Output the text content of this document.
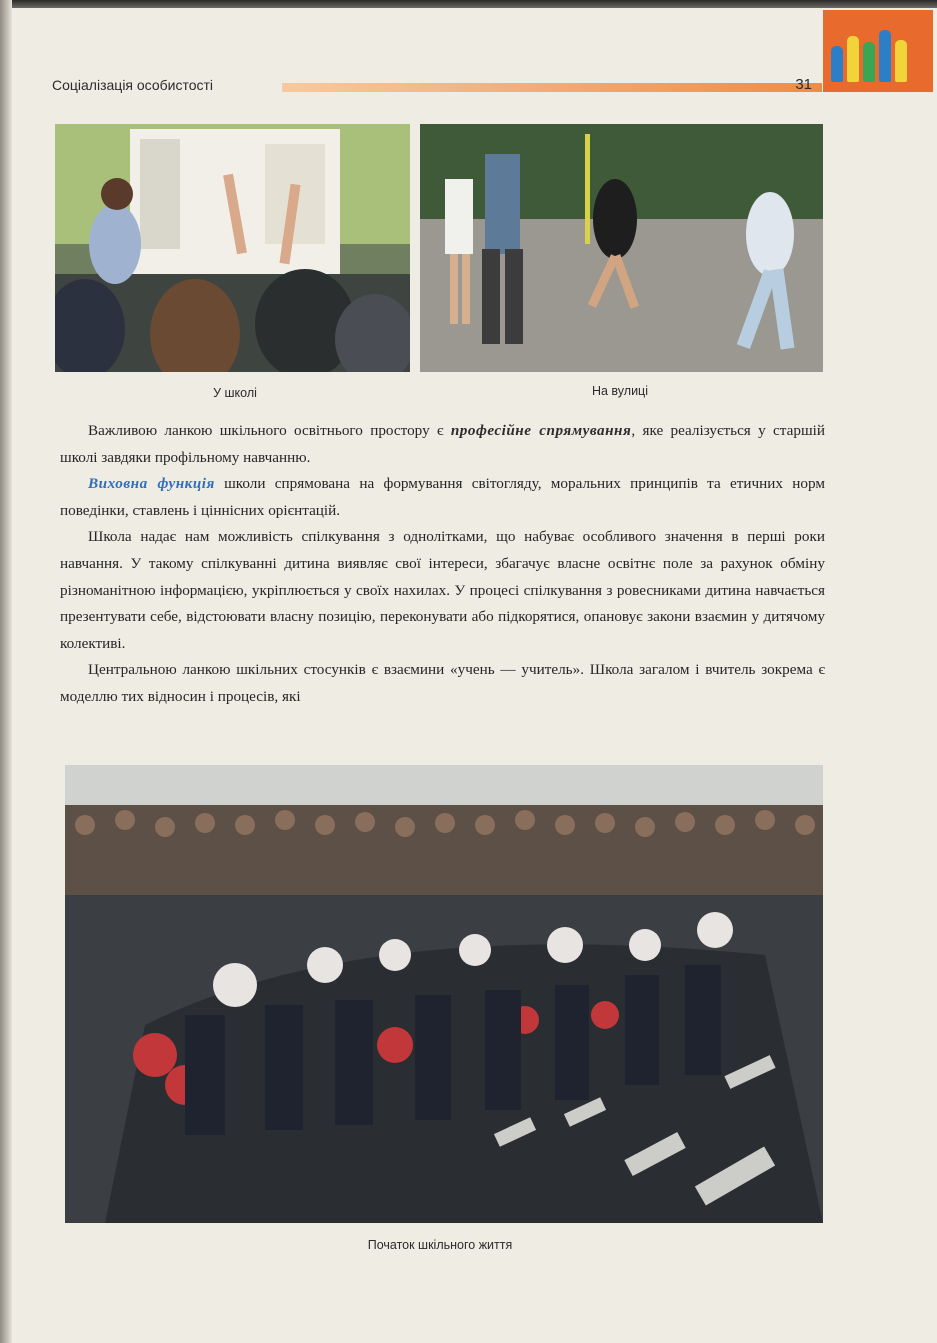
Соціалізація особистості	31
У школі	На вулиці

Важливою ланкою шкільного освітнього простору є професійне спрямування, яке реалізується у старшій школі завдяки профільному навчанню.

Виховна функція школи спрямована на формування світогляду, моральних принципів та етичних норм поведінки, ставлень і ціннісних орієнтацій.

Школа надає нам можливість спілкування з однолітками, що набуває особливого значення в перші роки навчання. У такому спілкуванні дитина виявляє свої інтереси, збагачує власне освітнє поле за рахунок обміну різноманітною інформацією, укріплюється у своїх нахилах. У процесі спілкування з ровесниками дитина навчається презентувати себе, відстоювати власну позицію, переконувати або підкорятися, опановує закони взаємин у дитячому колективі.

Центральною ланкою шкільних стосунків є взаємини «учень — учитель». Школа загалом і вчитель зокрема є моделлю тих відносин і процесів, які

Початок шкільного життя
